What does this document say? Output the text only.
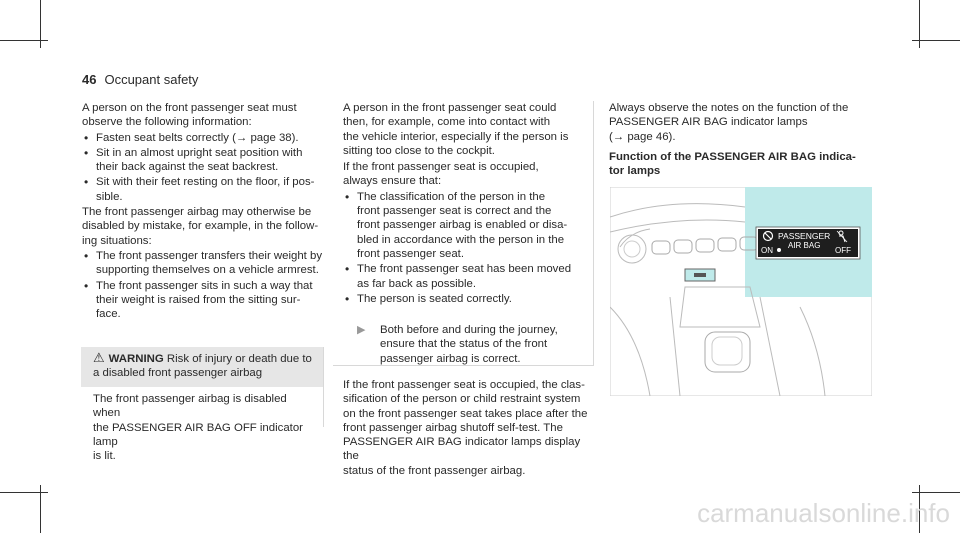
46 Occupant safety

A person on the front passenger seat must
observe the following information:

• Fasten seat belts correctly (→ page 38).
• Sit in an almost upright seat position with
their back against the seat backrest.
• Sit with their feet resting on the floor, if pos-
sible.

The front passenger airbag may otherwise be
disabled by mistake, for example, in the follow-
ing situations:

• The front passenger transfers their weight by
supporting themselves on a vehicle armrest.
• The front passenger sits in such a way that
their weight is raised from the sitting sur-
face.
⚠ WARNING Risk of injury or death due to
a disabled front passenger airbag
The front passenger airbag is disabled when
the PASSENGER AIR BAG OFF indicator lamp
is lit.

A person in the front passenger seat could
then, for example, come into contact with
the vehicle interior, especially if the person is
sitting too close to the cockpit.

If the front passenger seat is occupied,
always ensure that:

• The classification of the person in the
front passenger seat is correct and the
front passenger airbag is enabled or disa-
bled in accordance with the person in the
front passenger seat.
• The front passenger seat has been moved
as far back as possible.
• The person is seated correctly.
▶ Both before and during the journey,
ensure that the status of the front
passenger airbag is correct.
If the front passenger seat is occupied, the clas-
sification of the person or child restraint system
on the front passenger seat takes place after the
front passenger airbag shutoff self-test. The
PASSENGER AIR BAG indicator lamps display the
status of the front passenger airbag.

Always observe the notes on the function of the
PASSENGER AIR BAG indicator lamps
(→ page 46).

Function of the PASSENGER AIR BAG indica-
tor lamps

PASSENGER
AIR BAG
ON	OFF
carmanualsonline.info
